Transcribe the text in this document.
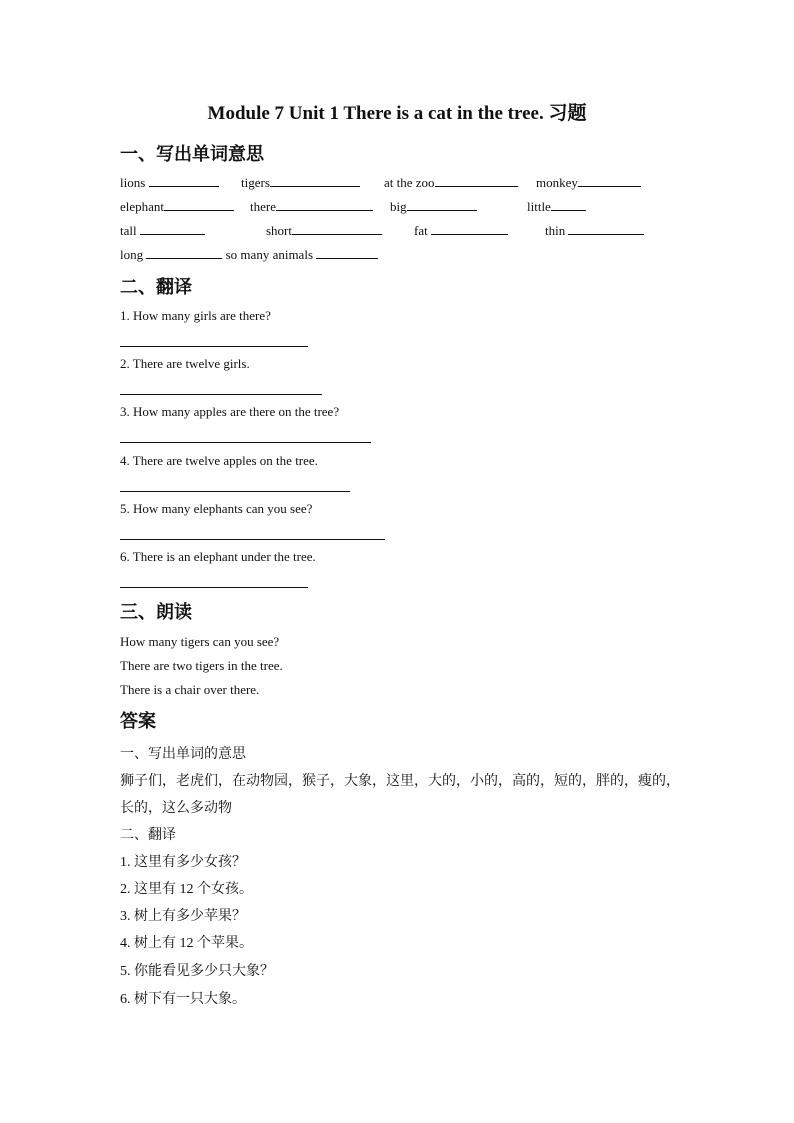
Module 7 Unit 1 There is a cat in the tree. 习题
一、写出单词意思
lions	tigers	at the zoo	monkey
elephant	there	big	little
tall	short	fat	thin
long	so many animals
二、翻译
1. How many girls are there?
2. There are twelve girls.
3. How many apples are there on the tree?
4. There are twelve apples on the tree.
5. How many elephants can you see?
6. There is an elephant under the tree.
三、朗读
How many tigers can you see?
There are two tigers in the tree.
There is a chair over there.
答案
一、写出单词的意思
狮子们，老虎们，在动物园，猴子，大象，这里，大的，小的，高的，短的，胖的，瘦的，
长的，这么多动物
二、翻译
1. 这里有多少女孩？
2. 这里有 12 个女孩。
3. 树上有多少苹果？
4. 树上有 12 个苹果。
5. 你能看见多少只大象？
6. 树下有一只大象。
